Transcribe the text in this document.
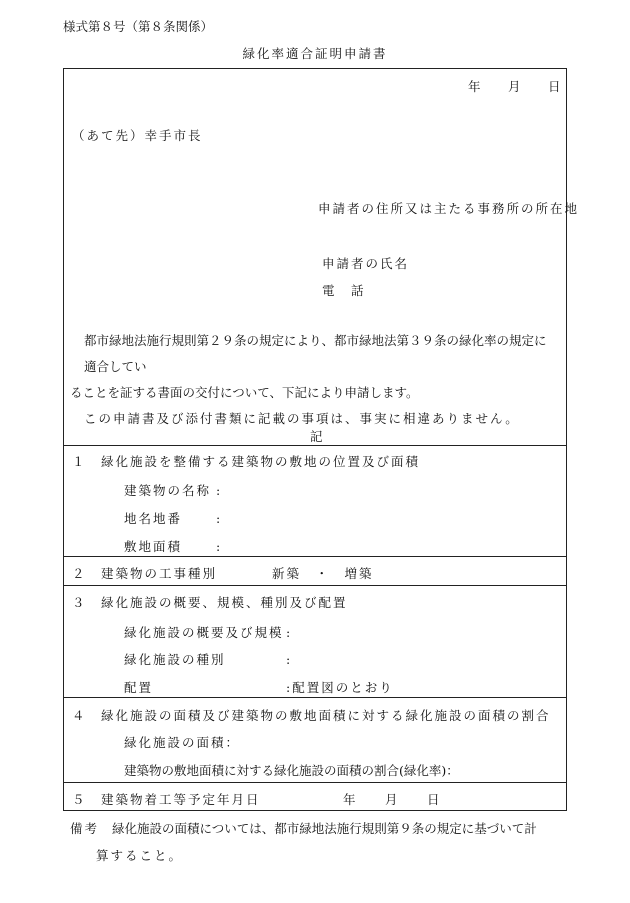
様式第８号（第８条関係）
緑化率適合証明申請書
年 月 日
（あて先）幸手市長
申請者の住所又は主たる事務所の所在地
申請者の氏名
電　話

都市緑地法施行規則第２９条の規定により、都市緑地法第３９条の緑化率の規定に適合してい

ることを証する書面の交付について、下記により申請します。

この申請書及び添付書類に記載の事項は、事実に相違ありません。

記
１　緑化施設を整備する建築物の敷地の位置及び面積
建築物の名称 :
地名地番	:
敷地面積	:
２　建築物の工事種別	新築　・　増築
３　緑化施設の概要、規模、種別及び配置
緑化施設の概要及び規模 :
緑化施設の種別	:
配置	:配置図のとおり
４　緑化施設の面積及び建築物の敷地面積に対する緑化施設の面積の割合
緑化施設の面積：
建築物の敷地面積に対する緑化施設の面積の割合(緑化率)：
５　建築物着工等予定年月日	年 月 日
備考 緑化施設の面積については、都市緑地法施行規則第９条の規定に基づいて計
算すること。
